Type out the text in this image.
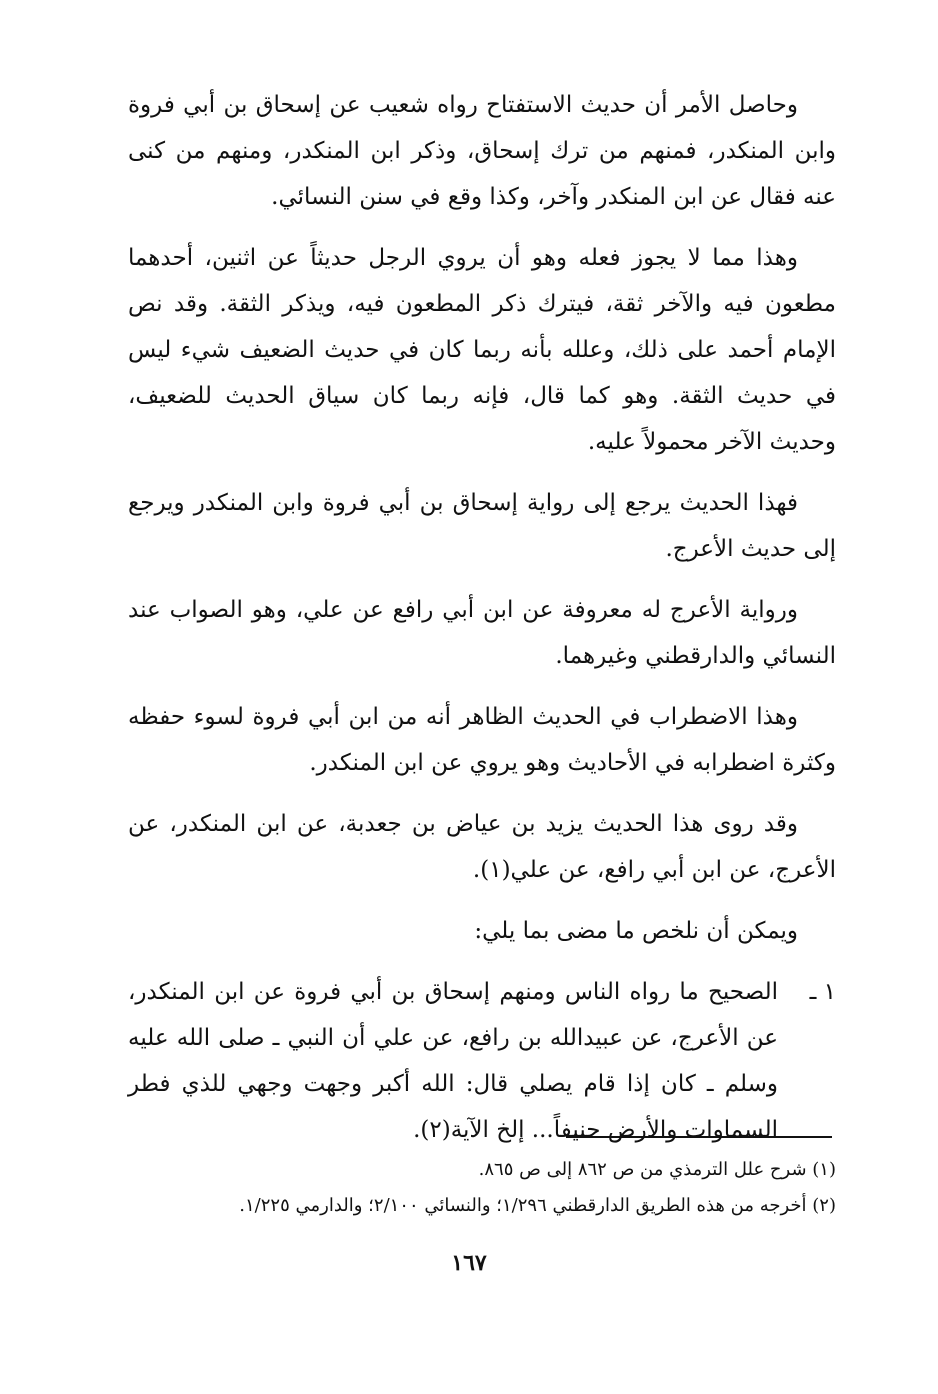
وحاصل الأمر أن حديث الاستفتاح رواه شعيب عن إسحاق بن أبي فروة وابن المنكدر، فمنهم من ترك إسحاق، وذكر ابن المنكدر، ومنهم من كنى عنه فقال عن ابن المنكدر وآخر، وكذا وقع في سنن النسائي.

وهذا مما لا يجوز فعله وهو أن يروي الرجل حديثاً عن اثنين، أحدهما مطعون فيه والآخر ثقة، فيترك ذكر المطعون فيه، ويذكر الثقة. وقد نص الإمام أحمد على ذلك، وعلله بأنه ربما كان في حديث الضعيف شيء ليس في حديث الثقة. وهو كما قال، فإنه ربما كان سياق الحديث للضعيف، وحديث الآخر محمولاً عليه.

فهذا الحديث يرجع إلى رواية إسحاق بن أبي فروة وابن المنكدر ويرجع إلى حديث الأعرج.

ورواية الأعرج له معروفة عن ابن أبي رافع عن علي، وهو الصواب عند النسائي والدارقطني وغيرهما.

وهذا الاضطراب في الحديث الظاهر أنه من ابن أبي فروة لسوء حفظه وكثرة اضطرابه في الأحاديث وهو يروي عن ابن المنكدر.

وقد روى هذا الحديث يزيد بن عياض بن جعدبة، عن ابن المنكدر، عن الأعرج، عن ابن أبي رافع، عن علي(١).

ويمكن أن نلخص ما مضى بما يلي:

١ ـ
الصحيح ما رواه الناس ومنهم إسحاق بن أبي فروة عن ابن المنكدر، عن الأعرج، عن عبيدالله بن رافع، عن علي أن النبي ـ صلى الله عليه وسلم ـ كان إذا قام يصلي قال: الله أكبر وجهت وجهي للذي فطر السماوات والأرض حنيفاً... إلخ الآية(٢).

(١) شرح علل الترمذي من ص ٨٦٢ إلى ص ٨٦٥.

(٢) أخرجه من هذه الطريق الدارقطني ١/٢٩٦؛ والنسائي ٢/١٠٠؛ والدارمي ١/٢٢٥.

١٦٧
